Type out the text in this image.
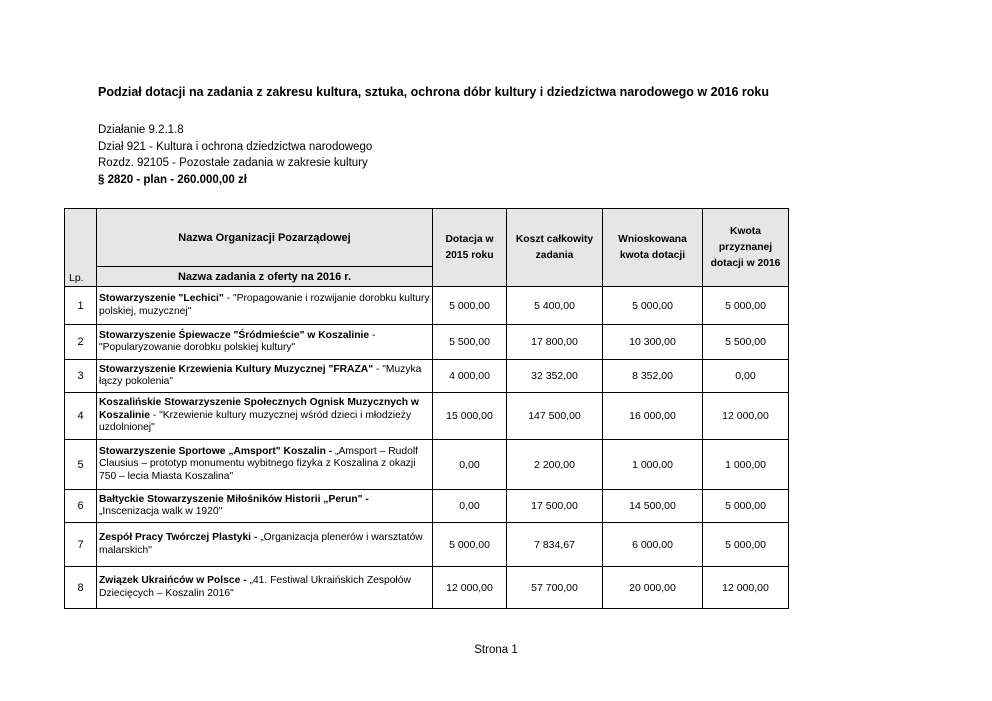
Podział dotacji na zadania z zakresu kultura, sztuka, ochrona dóbr kultury i dziedzictwa narodowego w 2016 roku
Działanie 9.2.1.8
Dział 921 - Kultura i ochrona dziedzictwa narodowego
Rozdz. 92105 - Pozostałe zadania w zakresie kultury
§ 2820 - plan - 260.000,00 zł
Lp.	Nazwa Organizacji Pozarządowej	Dotacja w 2015 roku	Koszt całkowity zadania	Wnioskowana kwota dotacji	Kwota przyznanej dotacji w 2016
	Nazwa zadania z oferty na 2016 r.				
1	Stowarzyszenie "Lechici" - "Propagowanie i rozwijanie dorobku kultury polskiej, muzycznej"	5 000,00	5 400,00	5 000,00	5 000,00
2	Stowarzyszenie Śpiewacze "Śródmieście" w Koszalinie - "Popularyzowanie dorobku polskiej kultury"	5 500,00	17 800,00	10 300,00	5 500,00
3	Stowarzyszenie Krzewienia Kultury Muzycznej "FRAZA" - "Muzyka łączy pokolenia"	4 000,00	32 352,00	8 352,00	0,00
4	Koszalińskie Stowarzyszenie Społecznych Ognisk Muzycznych w Koszalinie - "Krzewienie kultury muzycznej wśród dzieci i młodzieży uzdolnionej"	15 000,00	147 500,00	16 000,00	12 000,00
5	Stowarzyszenie Sportowe „Amsport" Koszalin - „Amsport – Rudolf Clausius – prototyp monumentu wybitnego fizyka z Koszalina z okazji 750 – lecia Miasta Koszalina"	0,00	2 200,00	1 000,00	1 000,00
6	Bałtyckie Stowarzyszenie Miłośników Historii „Perun" - „Inscenizacja walk w 1920"	0,00	17 500,00	14 500,00	5 000,00
7	Zespół Pracy Twórczej Plastyki - „Organizacja plenerów i warsztatów malarskich"	5 000,00	7 834,67	6 000,00	5 000,00
8	Związek Ukraińców w Polsce - „41. Festiwal Ukraińskich Zespołów Dziecięcych – Koszalin 2016"	12 000,00	57 700,00	20 000,00	12 000,00
Strona 1
